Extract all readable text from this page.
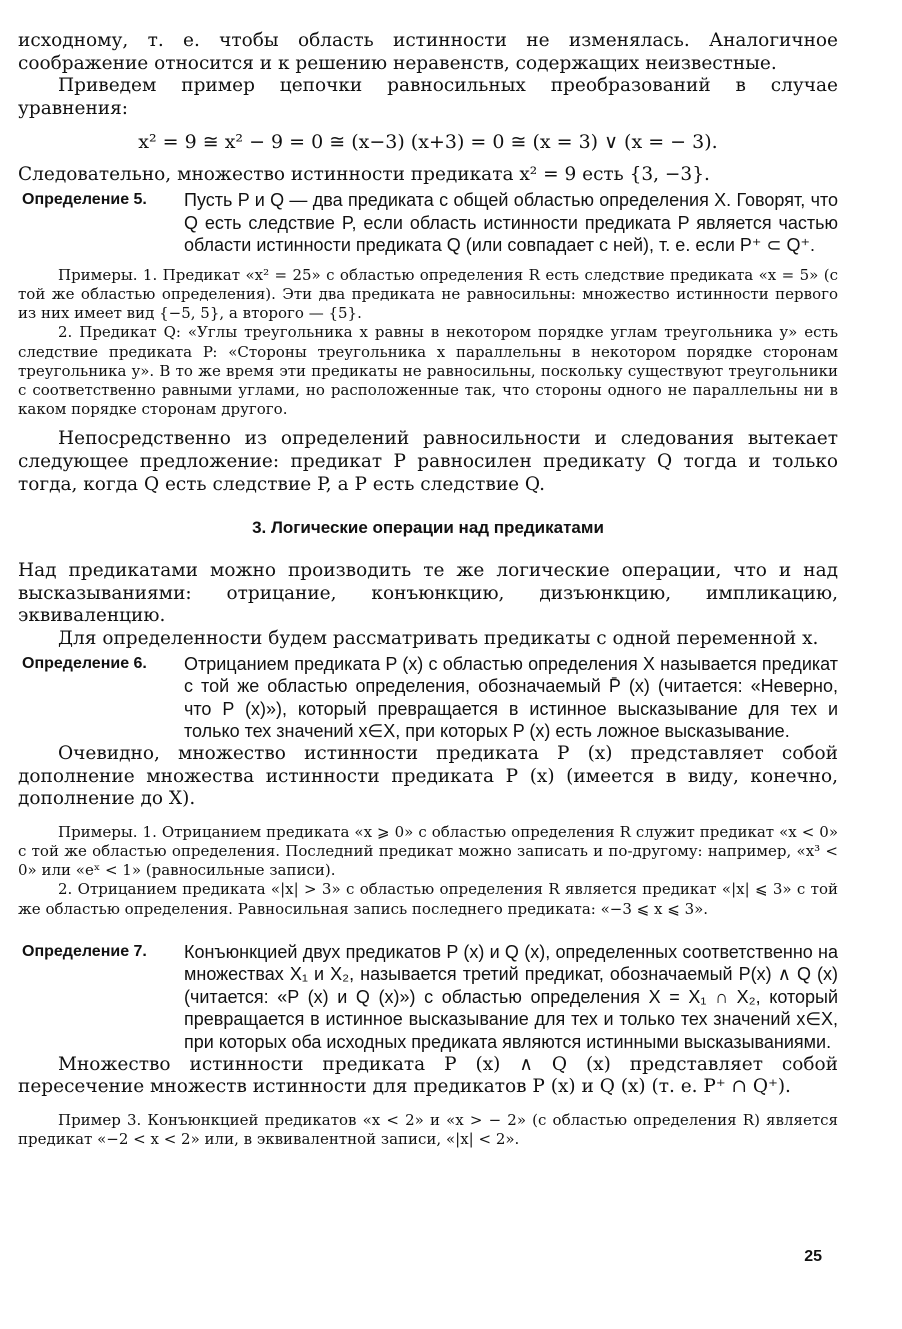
исходному, т. е. чтобы область истинности не изменялась. Аналогичное соображение относится и к решению неравенств, содержащих неизвестные.

Приведем пример цепочки равносильных преобразований в случае уравнения:

x² = 9 ≅ x² − 9 = 0 ≅ (x−3) (x+3) = 0 ≅ (x = 3) ∨ (x = − 3).

Следовательно, множество истинности предиката x² = 9 есть {3, −3}.

Определение 5.	Пусть P и Q — два предиката с общей областью определения X. Говорят, что Q есть следствие P, если область истинности предиката P является частью области истинности предиката Q (или совпадает с ней), т. е. если P⁺ ⊂ Q⁺.

Примеры. 1. Предикат «x² = 25» с областью определения R есть следствие предиката «x = 5» (с той же областью определения). Эти два предиката не равносильны: множество истинности первого из них имеет вид {−5, 5}, а второго — {5}.

2. Предикат Q: «Углы треугольника x равны в некотором порядке углам треугольника y» есть следствие предиката P: «Стороны треугольника x параллельны в некотором порядке сторонам треугольника y». В то же время эти предикаты не равносильны, поскольку существуют треугольники с соответственно равными углами, но расположенные так, что стороны одного не параллельны ни в каком порядке сторонам другого.

Непосредственно из определений равносильности и следования вытекает следующее предложение: предикат P равносилен предикату Q тогда и только тогда, когда Q есть следствие P, а P есть следствие Q.

3. Логические операции над предикатами

Над предикатами можно производить те же логические операции, что и над высказываниями: отрицание, конъюнкцию, дизъюнкцию, импликацию, эквиваленцию.

Для определенности будем рассматривать предикаты с одной переменной x.

Определение 6.	Отрицанием предиката P (x) с областью определения X называется предикат с той же областью определения, обозначаемый P̄ (x) (читается: «Неверно, что P (x)»), который превращается в истинное высказывание для тех и только тех значений x∈X, при которых P (x) есть ложное высказывание.

Очевидно, множество истинности предиката P (x) представляет собой дополнение множества истинности предиката P (x) (имеется в виду, конечно, дополнение до X).

Примеры. 1. Отрицанием предиката «x ⩾ 0» с областью определения R служит предикат «x < 0» с той же областью определения. Последний предикат можно записать и по-другому: например, «x³ < 0» или «eˣ < 1» (равносильные записи).

2. Отрицанием предиката «|x| > 3» с областью определения R является предикат «|x| ⩽ 3» с той же областью определения. Равносильная запись последнего предиката: «−3 ⩽ x ⩽ 3».

Определение 7.	Конъюнкцией двух предикатов P (x) и Q (x), определенных соответственно на множествах X₁ и X₂, называется третий предикат, обозначаемый P(x) ∧ Q (x) (читается: «P (x) и Q (x)») с областью определения X = X₁ ∩ X₂, который превращается в истинное высказывание для тех и только тех значений x∈X, при которых оба исходных предиката являются истинными высказываниями.

Множество истинности предиката P (x) ∧ Q (x) представляет собой пересечение множеств истинности для предикатов P (x) и Q (x) (т. е. P⁺ ∩ Q⁺).

Пример 3. Конъюнкцией предикатов «x < 2» и «x > − 2» (с областью определения R) является предикат «−2 < x < 2» или, в эквивалентной записи, «|x| < 2».

25
